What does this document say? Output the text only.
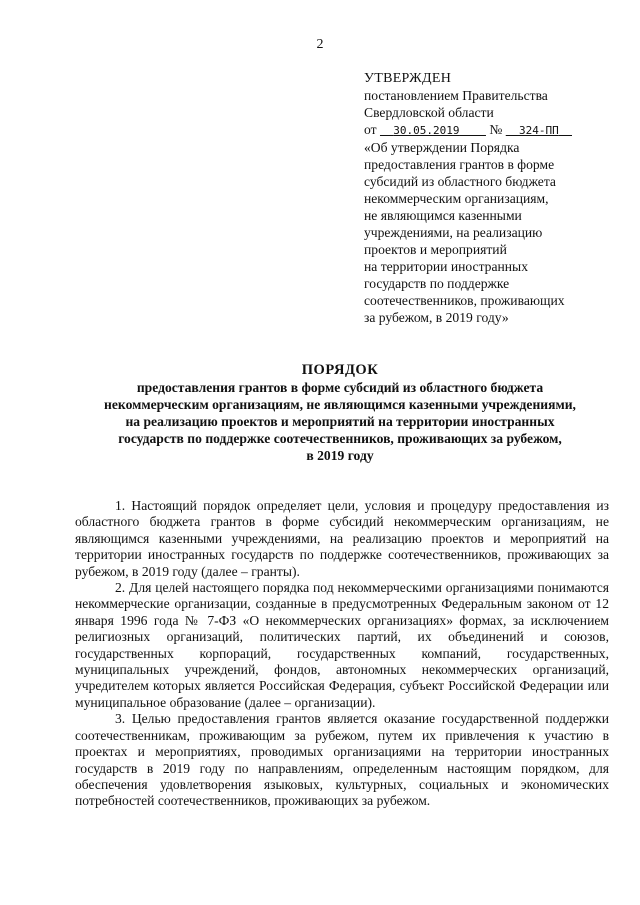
2
УТВЕРЖДЕН
постановлением Правительства
Свердловской области
от 30.05.2019 № 324-ПП
«Об утверждении Порядка
предоставления грантов в форме
субсидий из областного бюджета
некоммерческим организациям,
не являющимся казенными
учреждениями, на реализацию
проектов и мероприятий
на территории иностранных
государств по поддержке
соотечественников, проживающих
за рубежом, в 2019 году»
ПОРЯДОК
предоставления грантов в форме субсидий из областного бюджета
некоммерческим организациям, не являющимся казенными учреждениями,
на реализацию проектов и мероприятий на территории иностранных
государств по поддержке соотечественников, проживающих за рубежом,
в 2019 году

1. Настоящий порядок определяет цели, условия и процедуру предоставления из областного бюджета грантов в форме субсидий некоммерческим организациям, не являющимся казенными учреждениями, на реализацию проектов и мероприятий на территории иностранных государств по поддержке соотечественников, проживающих за рубежом, в 2019 году (далее – гранты).

2. Для целей настоящего порядка под некоммерческими организациями понимаются некоммерческие организации, созданные в предусмотренных Федеральным законом от 12 января 1996 года № 7-ФЗ «О некоммерческих организациях» формах, за исключением религиозных организаций, политических партий, их объединений и союзов, государственных корпораций, государственных компаний, государственных, муниципальных учреждений, фондов, автономных некоммерческих организаций, учредителем которых является Российская Федерация, субъект Российской Федерации или муниципальное образование (далее – организации).

3. Целью предоставления грантов является оказание государственной поддержки соотечественникам, проживающим за рубежом, путем их привлечения к участию в проектах и мероприятиях, проводимых организациями на территории иностранных государств в 2019 году по направлениям, определенным настоящим порядком, для обеспечения удовлетворения языковых, культурных, социальных и экономических потребностей соотечественников, проживающих за рубежом.
